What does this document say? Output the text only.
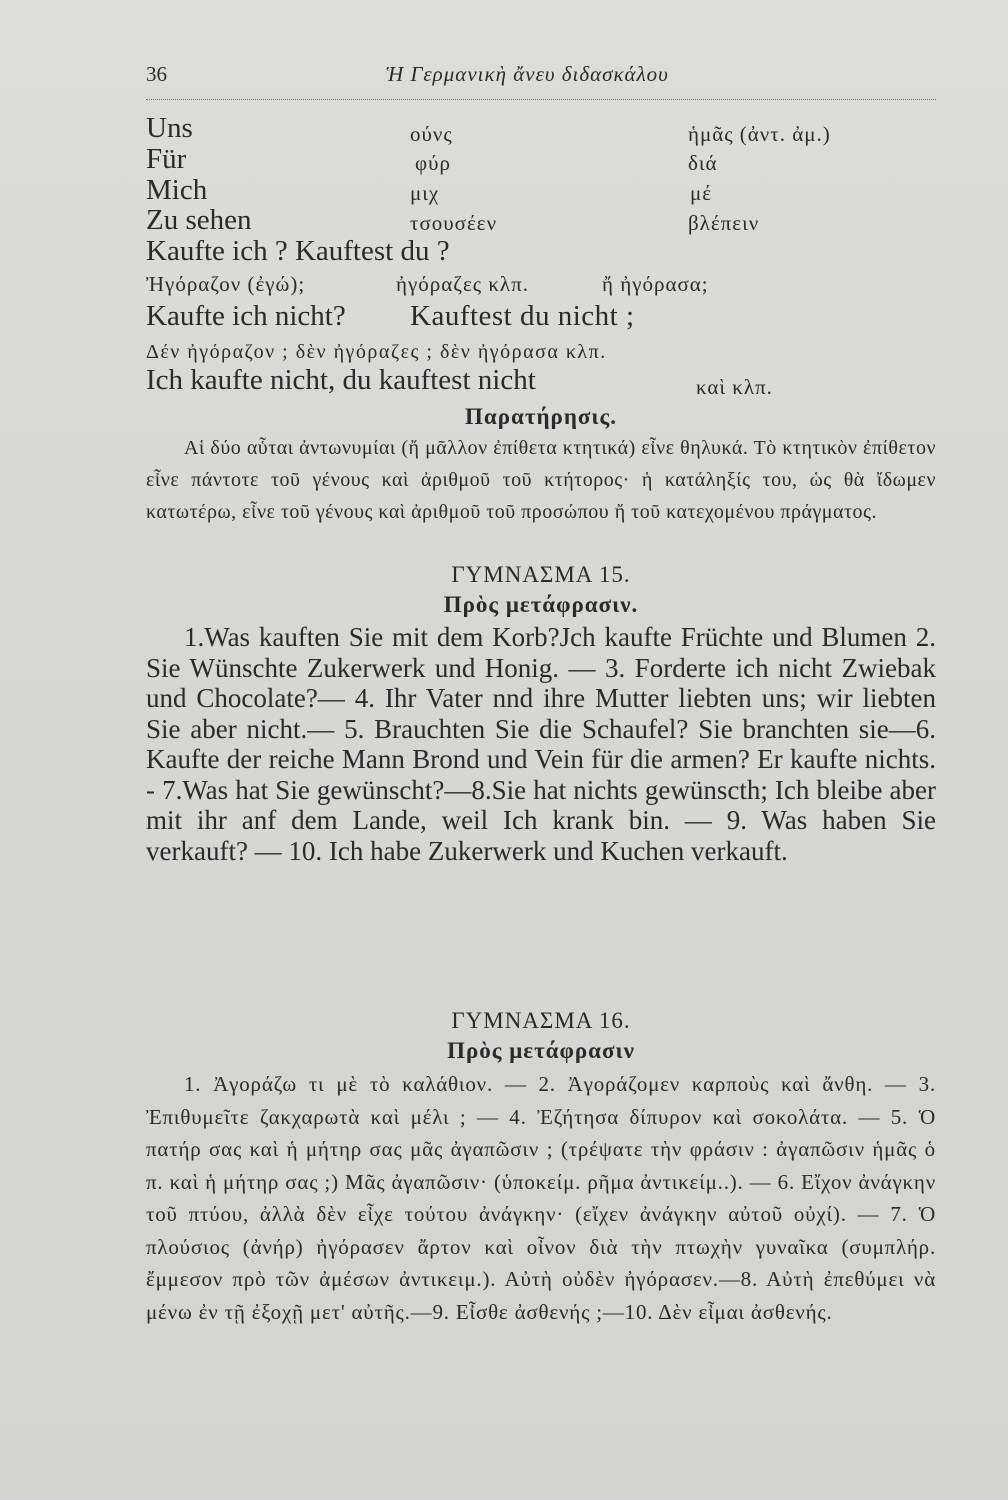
36	Ἡ Γερμανικὴ ἄνευ διδασκάλου
Uns	ούνς	ἡμᾶς (ἀντ. ἀμ.)
Für	φύρ	διά
Mich	μιχ	μέ
Zu sehen	τσουσέεν	βλέπειν
Kaufte ich ? Kauftest du ?
Ἠγόραζον (ἐγώ);	ἠγόραζες κλπ.	ἤ ἠγόρασα;
Kaufte ich nicht? Kauftest du nicht ;
Δέν ἠγόραζον ; δὲν ἠγόραζες ; δὲν ἠγόρασα κλπ.
Ich kaufte nicht, du kauftest nicht	καὶ κλπ.
Παρατήρησις.
Αἱ δύο αὗται ἀντωνυμίαι (ἤ μᾶλλον ἐπίθετα κτητικά) εἶνε θηλυκά. Τὸ κτητικὸν ἐπίθετον εἶνε πάντοτε τοῦ γένους καὶ ἀριθμοῦ τοῦ κτήτορος· ἡ κατάληξίς του, ὡς θὰ ἴδωμεν κατωτέρω, εἶνε τοῦ γένους καὶ ἀριθμοῦ τοῦ προσώπου ἤ τοῦ κατεχομένου πράγματος.
ΓΥΜΝΑΣΜΑ 15.
Πρὸς μετάφρασιν.
1.Was kauften Sie mit dem Korb?Jch kaufte Früchte und Blumen 2. Sie Wünschte Zukerwerk und Honig. — 3. Forderte ich nicht Zwiebak und Chocolate?— 4. Ihr Vater nnd ihre Mutter liebten uns; wir liebten Sie aber nicht.— 5. Brauchten Sie die Schaufel? Sie branchten sie—6. Kaufte der reiche Mann Brond und Vein für die armen? Er kaufte nichts. - 7.Was hat Sie gewünscht?—8.Sie hat nichts gewünscth; Ich bleibe aber mit ihr anf dem Lande, weil Ich krank bin. — 9. Was haben Sie verkauft? — 10. Ich habe Zukerwerk und Kuchen verkauft.
ΓΥΜΝΑΣΜΑ 16.
Πρὸς μετάφρασιν
1. Ἀγοράζω τι μὲ τὸ καλάθιον. — 2. Ἀγοράζομεν καρποὺς καὶ ἄνθη. — 3. Ἐπιθυμεῖτε ζακχαρωτὰ καὶ μέλι ; — 4. Ἐζήτησα δίπυρον καὶ σοκολάτα. — 5. Ὁ πατήρ σας καὶ ἡ μήτηρ σας μᾶς ἀγαπῶσιν ; (τρέψατε τὴν φράσιν : ἀγαπῶσιν ἡμᾶς ὁ π. καὶ ἡ μήτηρ σας ;) Μᾶς ἀγαπῶσιν· (ὑποκείμ. ρῆμα ἀντικείμ..). — 6. Εἴχον ἀνάγκην τοῦ πτύου, ἀλλὰ δὲν εἶχε τούτου ἀνάγκην· (εἴχεν ἀνάγκην αὐτοῦ οὐχί). — 7. Ὁ πλούσιος (ἀνήρ) ἠγόρασεν ἄρτον καὶ οἶνον διὰ τὴν πτωχὴν γυναῖκα (συμπλήρ. ἔμμεσον πρὸ τῶν ἀμέσων ἀντικειμ.). Αὐτὴ οὐδὲν ἠγόρασεν.—8. Αὐτὴ ἐπεθύμει νὰ μένω ἐν τῇ ἐξοχῇ μετ' αὐτῆς.—9. Εἶσθε ἀσθενής ;—10. Δὲν εἶμαι ἀσθενής.
